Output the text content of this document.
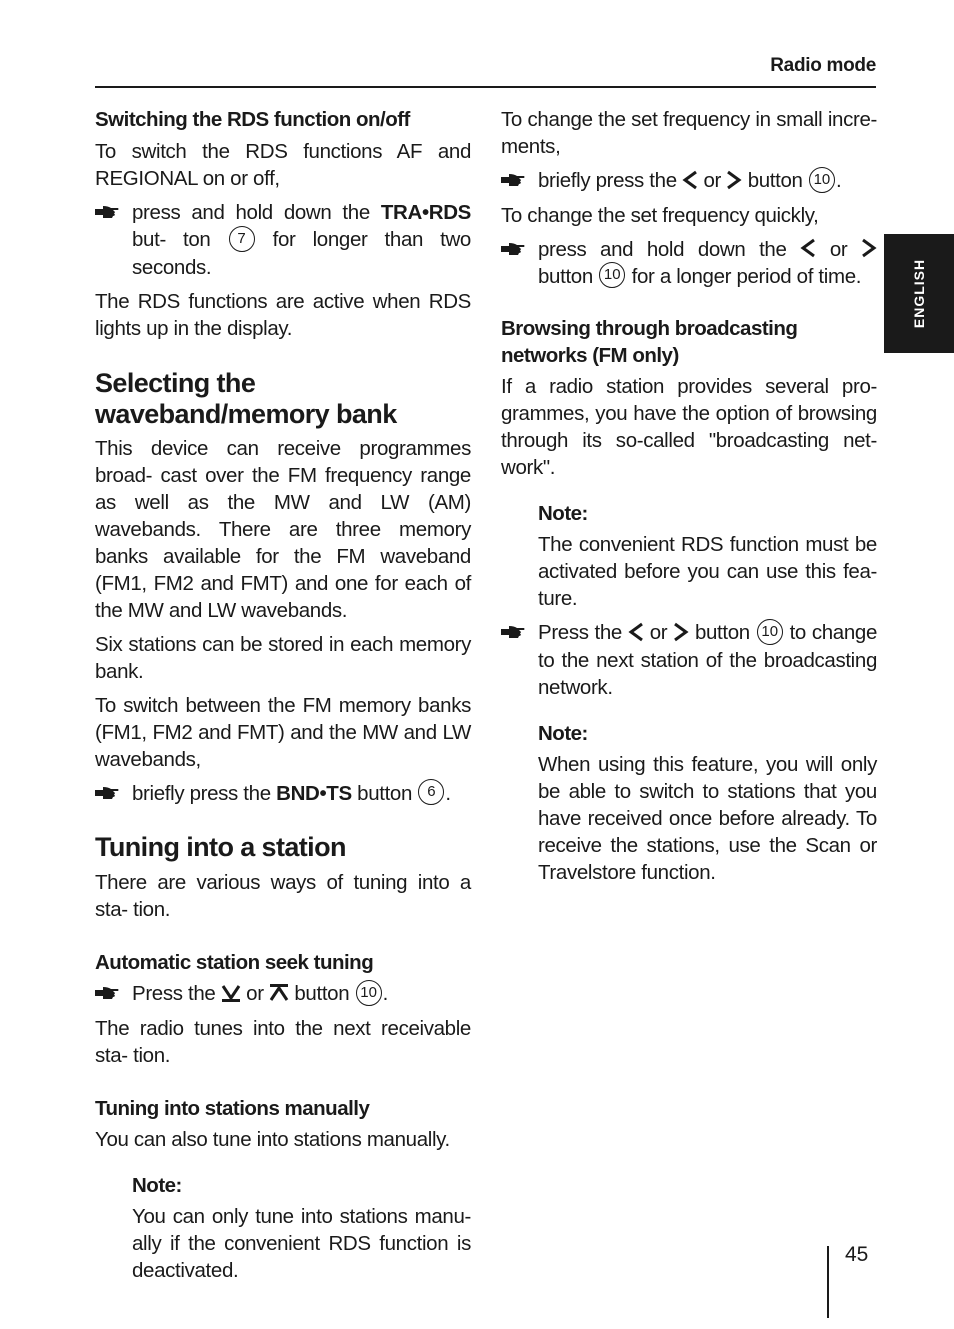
Radio mode
ENGLISH
Switching the RDS function on/off

To switch the RDS functions AF and REGIONAL on or off,

press and hold down the TRA•RDS but- ton 7 for longer than two seconds.

The RDS functions are active when RDS lights up in the display.

Selecting the waveband/memory bank

This device can receive programmes broad- cast over the FM frequency range as well as the MW and LW (AM) wavebands. There are three memory banks available for the FM waveband (FM1, FM2 and FMT) and one for each of the MW and LW wavebands.

Six stations can be stored in each memory bank.

To switch between the FM memory banks (FM1, FM2 and FMT) and the MW and LW wavebands,

briefly press the BND•TS button 6 .
Tuning into a station

There are various ways of tuning into a sta- tion.

Automatic station seek tuning
Press the  or  button 10 .

The radio tunes into the next receivable sta- tion.

Tuning into stations manually

You can also tune into stations manually.

Note:

You can only tune into stations manu- ally if the convenient RDS function is deactivated.

To change the set frequency in small incre- ments,

briefly press the  or  button 10 .

To change the set frequency quickly,

press and hold down the  or  button 10 for a longer period of time.
Browsing through broadcasting networks (FM only)

If a radio station provides several pro- grammes, you have the option of browsing through its so-called "broadcasting net- work".

Note:

The convenient RDS function must be activated before you can use this fea- ture.

Press the  or  button 10 to change to the next station of the broadcasting network.
Note:

When using this feature, you will only be able to switch to stations that you have received once before already. To receive the stations, use the Scan or Travelstore function.

45
